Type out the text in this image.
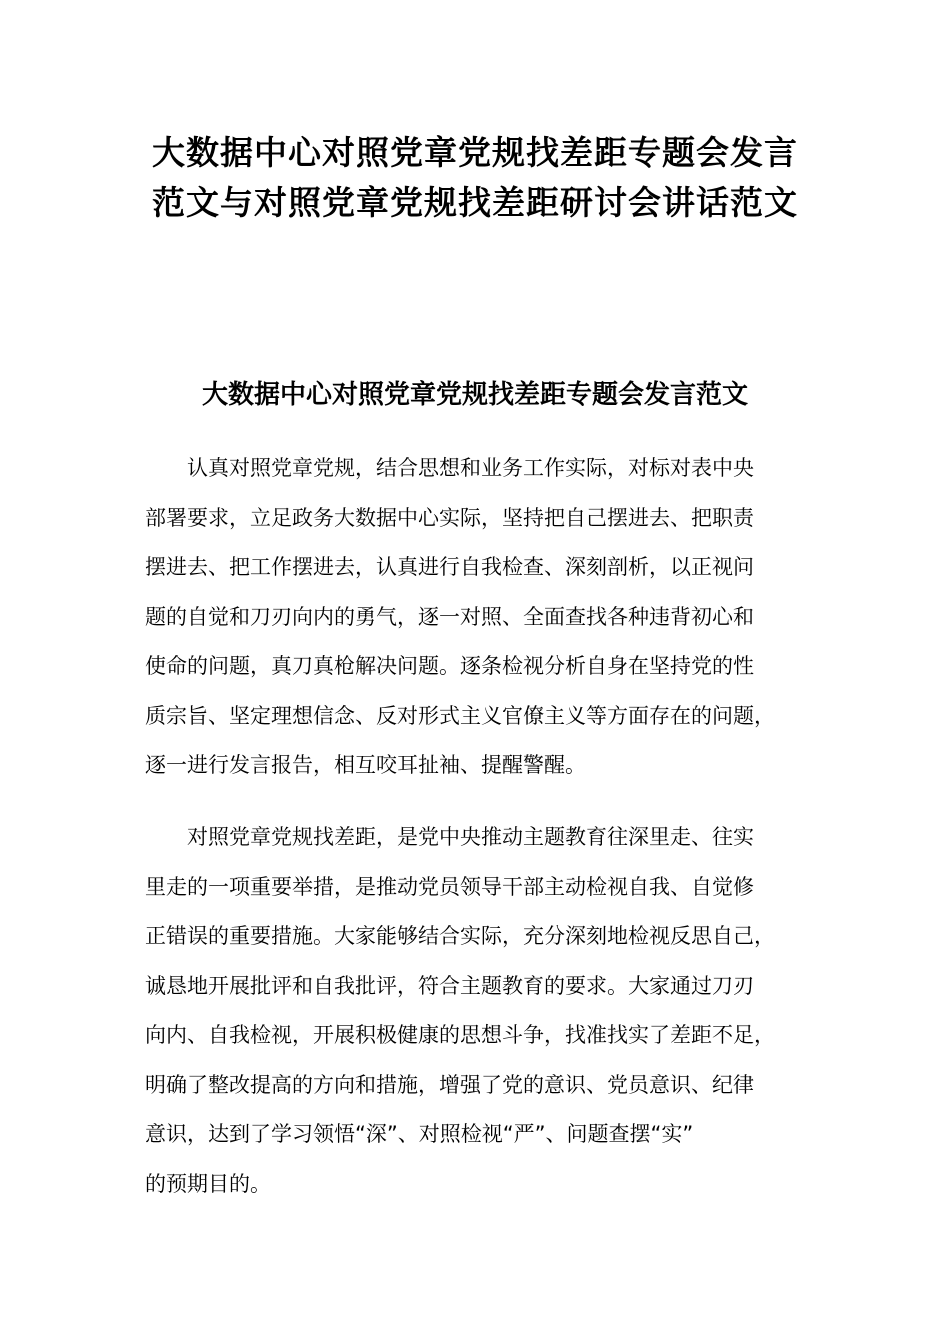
大数据中心对照党章党规找差距专题会发言
范文与对照党章党规找差距研讨会讲话范文
大数据中心对照党章党规找差距专题会发言范文

认真对照党章党规，结合思想和业务工作实际，对标对表中央
部署要求，立足政务大数据中心实际，坚持把自己摆进去、把职责
摆进去、把工作摆进去，认真进行自我检查、深刻剖析，以正视问
题的自觉和刀刃向内的勇气，逐一对照、全面查找各种违背初心和
使命的问题，真刀真枪解决问题。逐条检视分析自身在坚持党的性
质宗旨、坚定理想信念、反对形式主义官僚主义等方面存在的问题，
逐一进行发言报告，相互咬耳扯袖、提醒警醒。

对照党章党规找差距，是党中央推动主题教育往深里走、往实
里走的一项重要举措，是推动党员领导干部主动检视自我、自觉修
正错误的重要措施。大家能够结合实际，充分深刻地检视反思自己，
诚恳地开展批评和自我批评，符合主题教育的要求。大家通过刀刃
向内、自我检视，开展积极健康的思想斗争，找准找实了差距不足，
明确了整改提高的方向和措施，增强了党的意识、党员意识、纪律
意识，达到了学习领悟“深”、对照检视“严”、问题查摆“实”
的预期目的。
